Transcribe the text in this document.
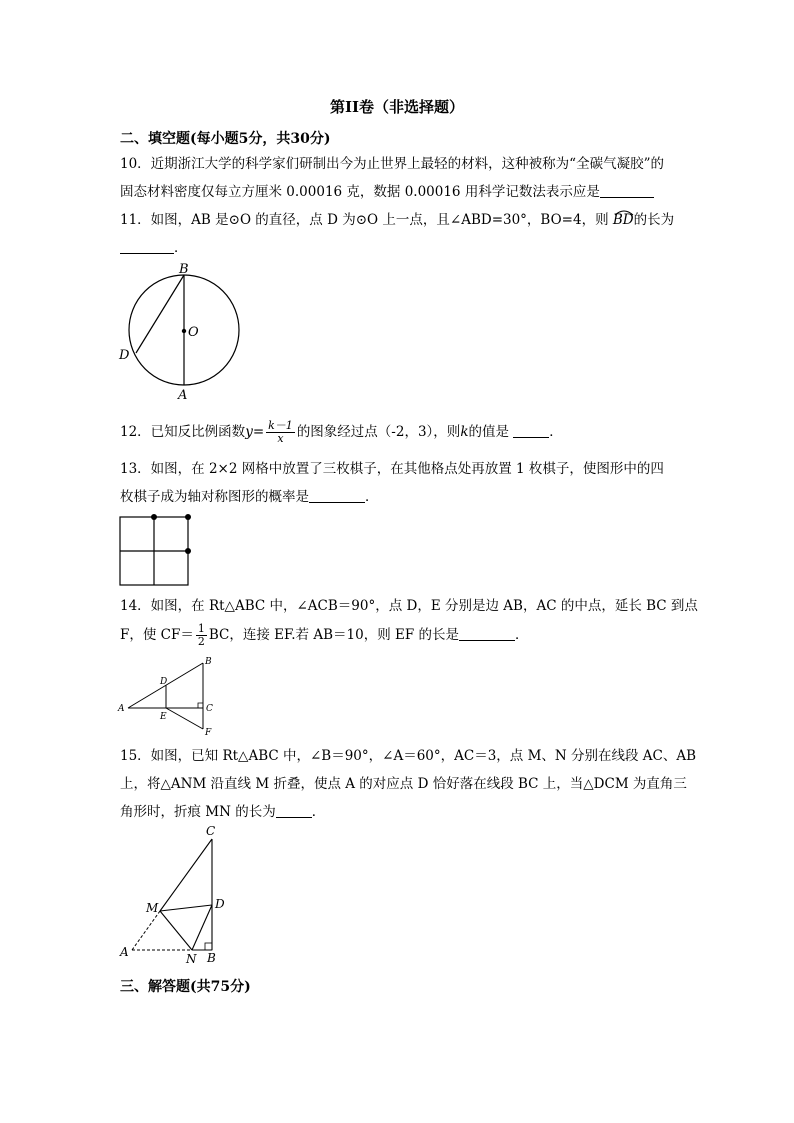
第II卷（非选择题）
二、填空题(每小题5分，共30分)
10．近期浙江大学的科学家们研制出今为止世界上最轻的材料，这种被称为“全碳气凝胶”的
固态材料密度仅每立方厘米 0.00016 克，数据 0.00016 用科学记数法表示应是
11．如图，AB 是⊙O 的直径，点 D 为⊙O 上一点，且∠ABD=30°，BO=4，则 BD的长为
．
B
O
D
A
12．已知反比例函数$y= \frac{k-1}{x}$ 的图象经过点（-2，3），则k的值是	．
13．如图，在 2×2 网格中放置了三枚棋子，在其他格点处再放置 1 枚棋子，使图形中的四
枚棋子成为轴对称图形的概率是	．
14．如图，在 Rt△ABC 中，∠ACB＝90°，点 D，E 分别是边 AB，AC 的中点，延长 BC 到点
F，使 $CF= \frac{1}{2}$ BC，连接 EF.若 AB＝10，则 EF 的长是	．
A
B
C
D
E
F
15．如图，已知 Rt△ABC 中，∠B＝90°，∠A＝60°，AC＝3，点 M、N 分别在线段 AC、AB
上，将△ANM 沿直线 M 折叠，使点 A 的对应点 D 恰好落在线段 BC 上，当△DCM 为直角三
角形时，折痕 MN 的长为	．
C
M	D
A	N B
三、解答题(共75分)
